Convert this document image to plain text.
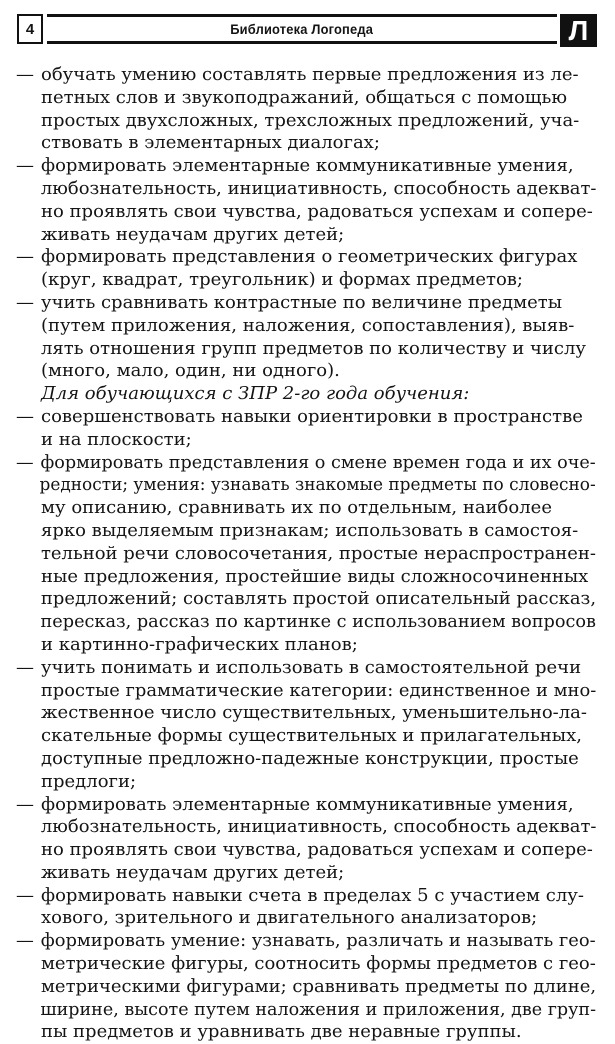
4	Библиотека Логопеда	Л
— обучать умению составлять первые предложения из ле-
петных слов и звукоподражаний, общаться с помощью
простых двухсложных, трехсложных предложений, уча-
ствовать в элементарных диалогах;
— формировать элементарные коммуникативные умения,
любознательность, инициативность, способность адекват-
но проявлять свои чувства, радоваться успехам и сопере-
живать неудачам других детей;
— формировать представления о геометрических фигурах
(круг, квадрат, треугольник) и формах предметов;
— учить сравнивать контрастные по величине предметы
(путем приложения, наложения, сопоставления), выяв-
лять отношения групп предметов по количеству и числу
(много, мало, один, ни одного).
Для обучающихся с ЗПР 2-го года обучения:
— совершенствовать навыки ориентировки в пространстве
и на плоскости;
— формировать представления о смене времен года и их оче-
редности; умения: узнавать знакомые предметы по словесно-
му описанию, сравнивать их по отдельным, наиболее
ярко выделяемым признакам; использовать в самостоя-
тельной речи словосочетания, простые нераспространен-
ные предложения, простейшие виды сложносочиненных
предложений; составлять простой описательный рассказ,
пересказ, рассказ по картинке с использованием вопросов
и картинно-графических планов;
— учить понимать и использовать в самостоятельной речи
простые грамматические категории: единственное и мно-
жественное число существительных, уменьшительно-ла-
скательные формы существительных и прилагательных,
доступные предложно-падежные конструкции, простые
предлоги;
— формировать элементарные коммуникативные умения,
любознательность, инициативность, способность адекват-
но проявлять свои чувства, радоваться успехам и сопере-
живать неудачам других детей;
— формировать навыки счета в пределах 5 с участием слу-
хового, зрительного и двигательного анализаторов;
— формировать умение: узнавать, различать и называть гео-
метрические фигуры, соотносить формы предметов с гео-
метрическими фигурами; сравнивать предметы по длине,
ширине, высоте путем наложения и приложения, две груп-
пы предметов и уравнивать две неравные группы.
